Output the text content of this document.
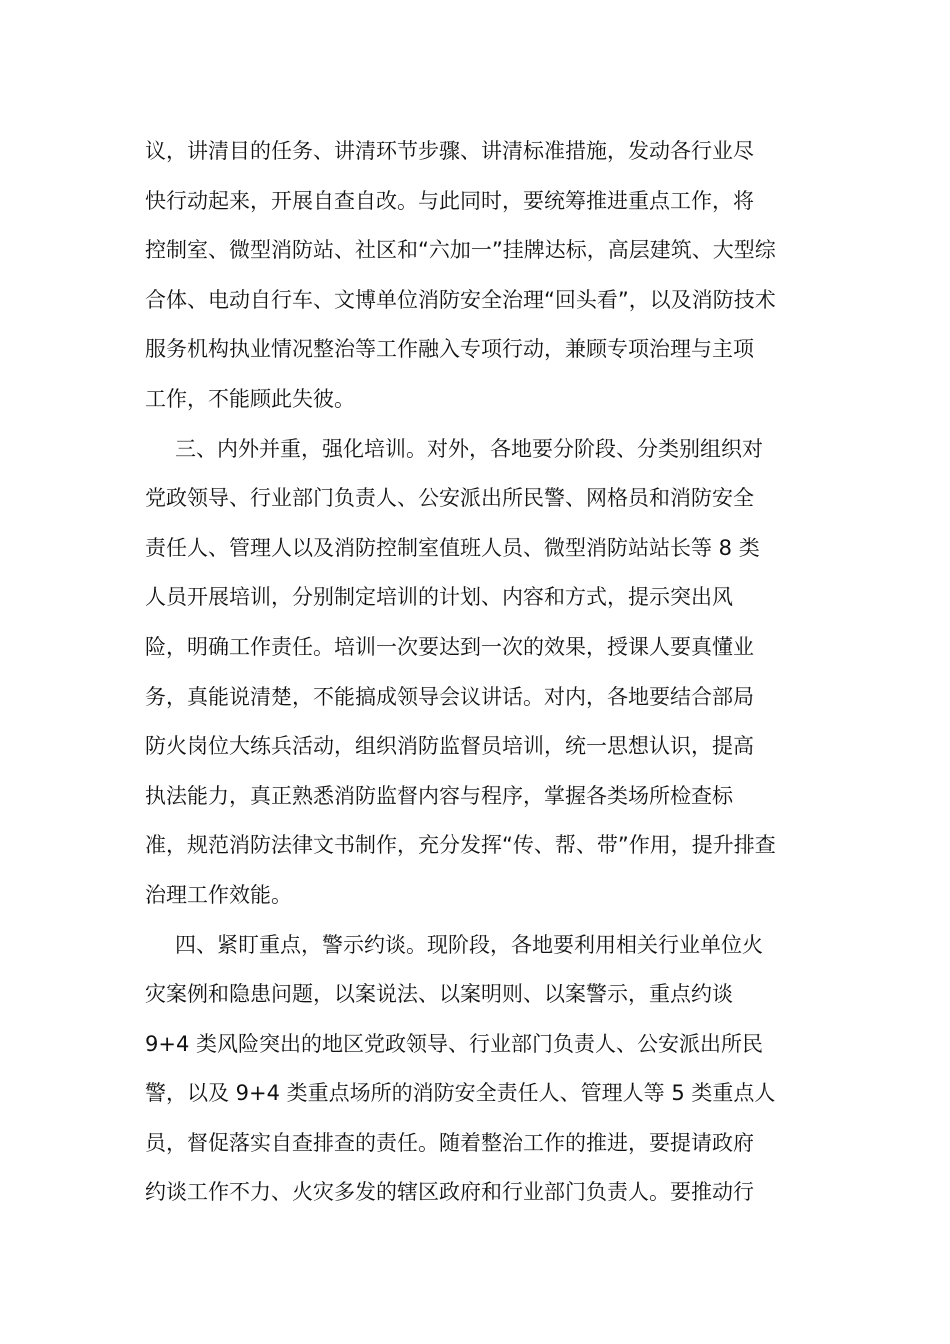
议，讲清目的任务、讲清环节步骤、讲清标准措施，发动各行业尽
快行动起来，开展自查自改。与此同时，要统筹推进重点工作，将
控制室、微型消防站、社区和“六加一”挂牌达标，高层建筑、大型综
合体、电动自行车、文博单位消防安全治理“回头看”，以及消防技术
服务机构执业情况整治等工作融入专项行动，兼顾专项治理与主项
工作，不能顾此失彼。
三、内外并重，强化培训。对外，各地要分阶段、分类别组织对
党政领导、行业部门负责人、公安派出所民警、网格员和消防安全
责任人、管理人以及消防控制室值班人员、微型消防站站长等 8 类
人员开展培训，分别制定培训的计划、内容和方式，提示突出风
险，明确工作责任。培训一次要达到一次的效果，授课人要真懂业
务，真能说清楚，不能搞成领导会议讲话。对内，各地要结合部局
防火岗位大练兵活动，组织消防监督员培训，统一思想认识，提高
执法能力，真正熟悉消防监督内容与程序，掌握各类场所检查标
准，规范消防法律文书制作，充分发挥“传、帮、带”作用，提升排查
治理工作效能。
四、紧盯重点，警示约谈。现阶段，各地要利用相关行业单位火
灾案例和隐患问题，以案说法、以案明则、以案警示，重点约谈
9+4 类风险突出的地区党政领导、行业部门负责人、公安派出所民
警，以及 9+4 类重点场所的消防安全责任人、管理人等 5 类重点人
员，督促落实自查排查的责任。随着整治工作的推进，要提请政府
约谈工作不力、火灾多发的辖区政府和行业部门负责人。要推动行
